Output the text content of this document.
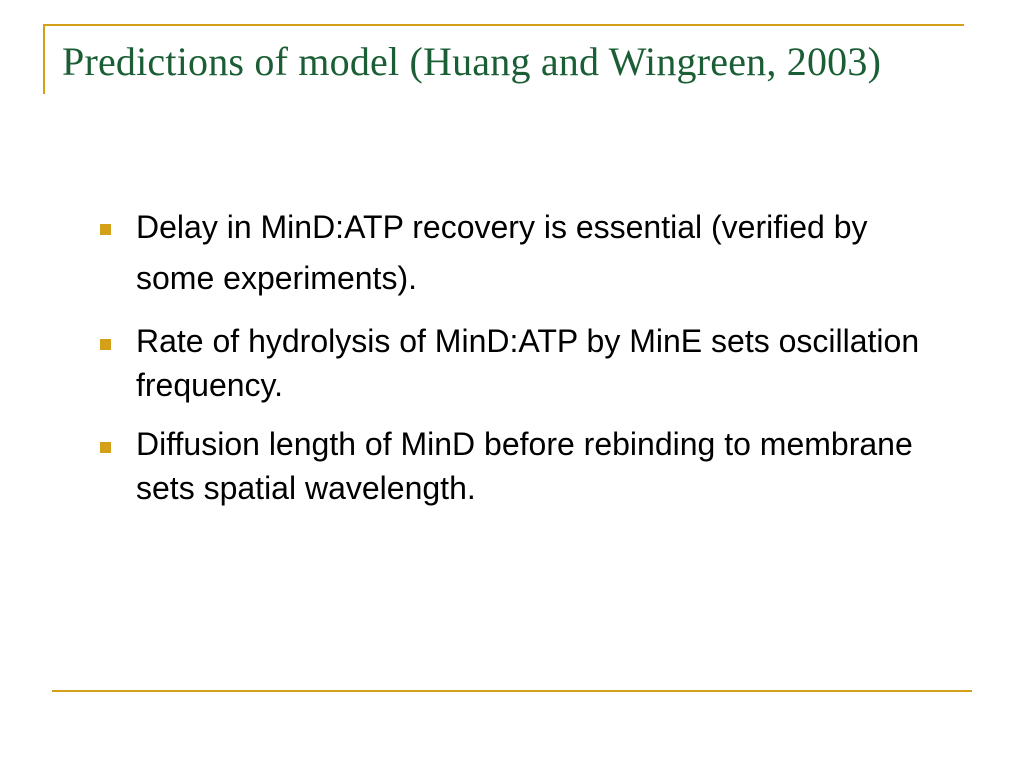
Predictions of model (Huang and Wingreen, 2003)
Delay in MinD:ATP recovery is essential (verified by some experiments).
Rate of hydrolysis of MinD:ATP by MinE sets oscillation frequency.
Diffusion length of MinD before rebinding to membrane sets spatial wavelength.
